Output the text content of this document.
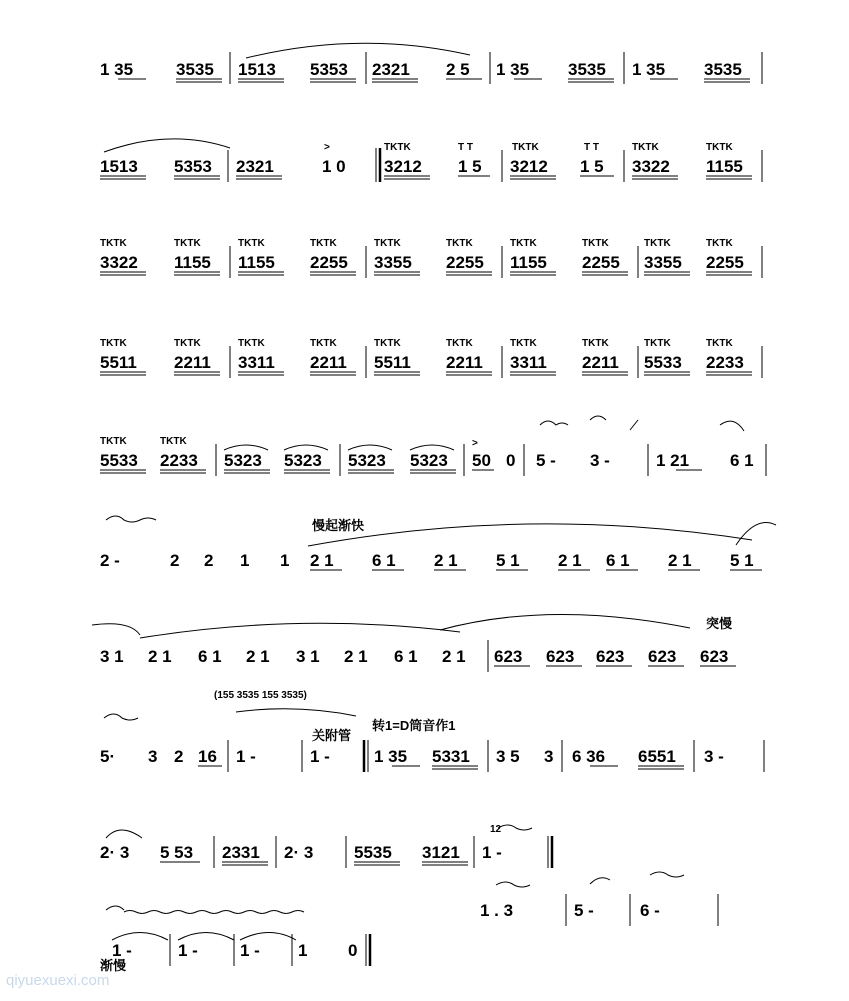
1 35	3535 1513 5353 2321 2 5 1 35 3535 1 35 3535
1513 5353 2321	1 0
TKTK	T T	TKTK	T T	TKTK	TKTK
3212 1 5 3212 1 5 3322 1155
>
TKTK	TKTK	TKTK	TKTK	TKTK	TKTK	TKTK	TKTK	TKTK	TKTK
3322 1155 1155 2255 3355 2255 1155 2255 3355 2255
TKTK	TKTK	TKTK	TKTK	TKTK	TKTK	TKTK	TKTK	TKTK	TKTK
5511 2211 3311 2211 5511 2211 3311 2211 5533 2233
TKTK	TKTK
5533 2233 5323 5323 5323 5323
>
50 0 5 - 3 -	1 21 6 1
慢起渐快
2 -	2 2 1 1 2 1 6 1 2 1 5 1 2 1 6 1 2 1 5 1
突慢
3 1 2 1 6 1 2 1 3 1 2 1 6 1 2 1 623 623 623 623 623
(155 3535 155 3535)
关附管
转1=D筒音作1
5· 3 2 16 1 -	1 -	1 35 5331 3 5 3 6 36 6551 3 -
12
2· 3 5 53 2331 2· 3 5535 3121 1 -
1 . 3	5 -	6 -
1 -	1 - 1 - 1 0
渐慢
qiyuexuexi.com
